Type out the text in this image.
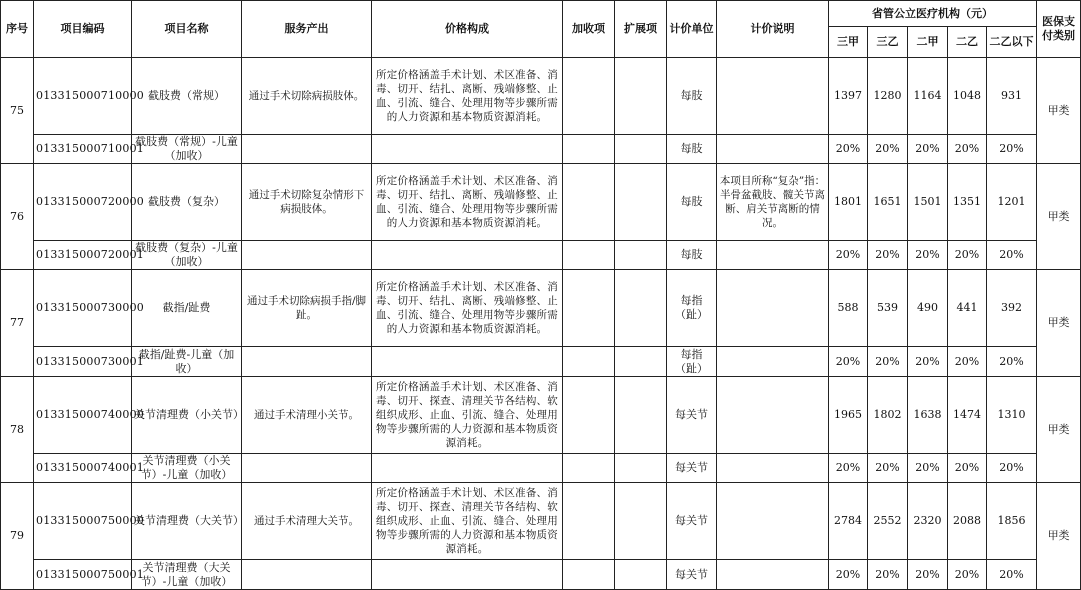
序号	项目编码	项目名称	服务产出	价格构成	加收项	扩展项	计价单位	计价说明	省管公立医疗机构（元）					医保支付类别
									三甲	三乙	二甲	二乙	二乙以下	
75	013315000710000	截肢费（常规）	通过手术切除病损肢体。	所定价格涵盖手术计划、术区准备、消毒、切开、结扎、离断、残端修整、止血、引流、缝合、处理用物等步骤所需的人力资源和基本物质资源消耗。			每肢		1397	1280	1164	1048	931	甲类
	013315000710001	截肢费（常规）-儿童（加收）					每肢		20%	20%	20%	20%	20%	
76	013315000720000	截肢费（复杂）	通过手术切除复杂情形下病损肢体。	所定价格涵盖手术计划、术区准备、消毒、切开、结扎、离断、残端修整、止血、引流、缝合、处理用物等步骤所需的人力资源和基本物质资源消耗。			每肢	本项目所称“复杂”指：半骨盆截肢、髋关节离断、肩关节离断的情况。	1801	1651	1501	1351	1201	甲类
	013315000720001	截肢费（复杂）-儿童（加收）					每肢		20%	20%	20%	20%	20%	
77	013315000730000	截指/趾费	通过手术切除病损手指/脚趾。	所定价格涵盖手术计划、术区准备、消毒、切开、结扎、离断、残端修整、止血、引流、缝合、处理用物等步骤所需的人力资源和基本物质资源消耗。			每指（趾）		588	539	490	441	392	甲类
	013315000730001	截指/趾费-儿童（加收）					每指（趾）		20%	20%	20%	20%	20%	
78	013315000740000	关节清理费（小关节）	通过手术清理小关节。	所定价格涵盖手术计划、术区准备、消毒、切开、探查、清理关节各结构、软组织成形、止血、引流、缝合、处理用物等步骤所需的人力资源和基本物质资源消耗。			每关节		1965	1802	1638	1474	1310	甲类
	013315000740001	关节清理费（小关节）-儿童（加收）					每关节		20%	20%	20%	20%	20%	
79	013315000750000	关节清理费（大关节）	通过手术清理大关节。	所定价格涵盖手术计划、术区准备、消毒、切开、探查、清理关节各结构、软组织成形、止血、引流、缝合、处理用物等步骤所需的人力资源和基本物质资源消耗。			每关节		2784	2552	2320	2088	1856	甲类
	013315000750001	关节清理费（大关节）-儿童（加收）					每关节		20%	20%	20%	20%	20%	
